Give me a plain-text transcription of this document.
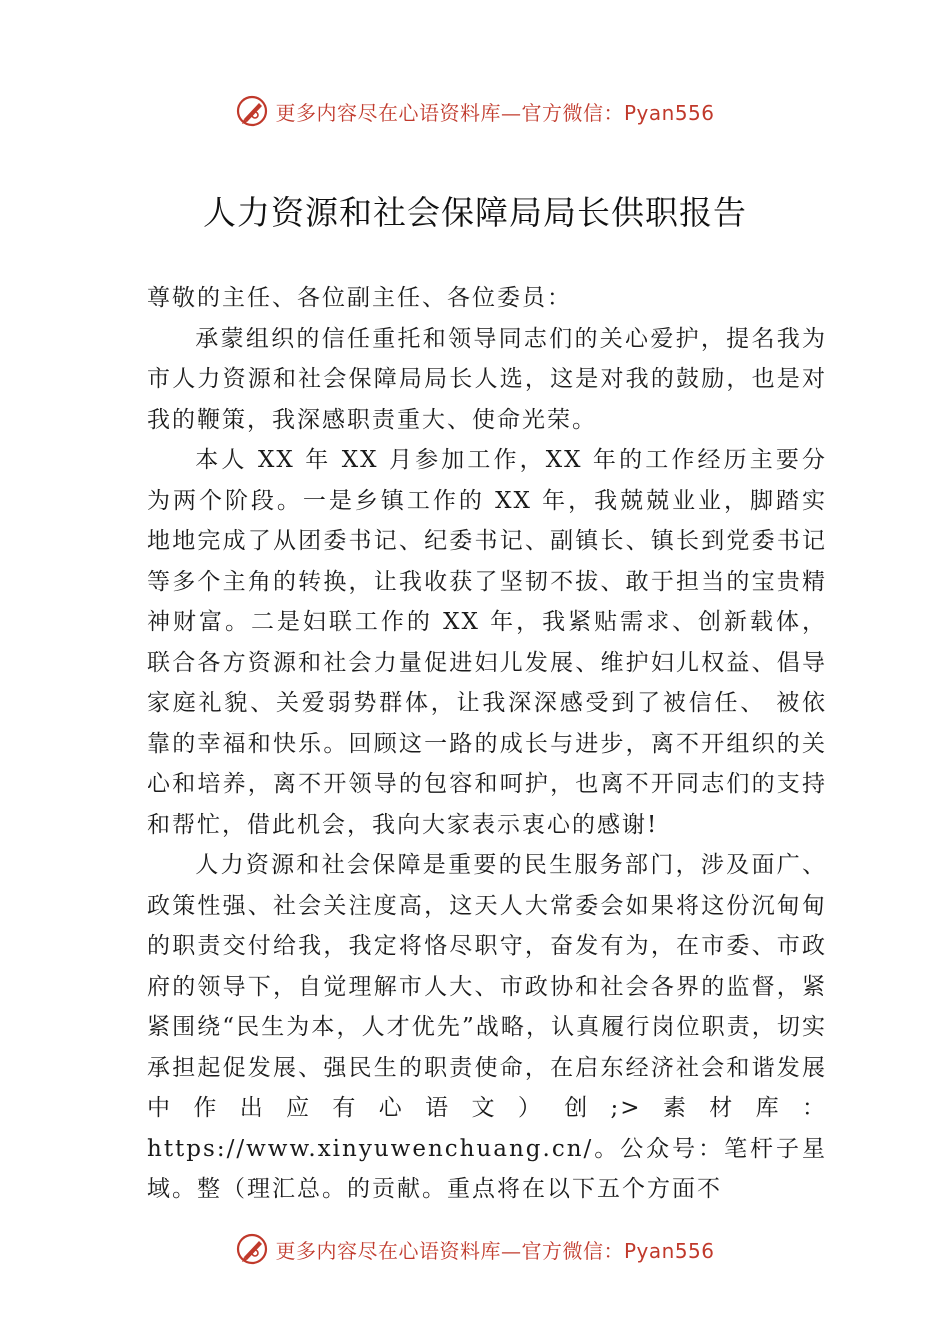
更多内容尽在心语资料库—官方微信：Pyan556
人力资源和社会保障局局长供职报告

尊敬的主任、各位副主任、各位委员：

承蒙组织的信任重托和领导同志们的关心爱护，提名我为市人力资源和社会保障局局长人选，这是对我的鼓励，也是对我的鞭策，我深感职责重大、使命光荣。

本人 XX 年 XX 月参加工作，XX 年的工作经历主要分为两个阶段。一是乡镇工作的 XX 年，我兢兢业业，脚踏实地地完成了从团委书记、纪委书记、副镇长、镇长到党委书记等多个主角的转换，让我收获了坚韧不拔、敢于担当的宝贵精神财富。二是妇联工作的 XX 年，我紧贴需求、创新载体，联合各方资源和社会力量促进妇儿发展、维护妇儿权益、倡导家庭礼貌、关爱弱势群体，让我深深感受到了被信任、 被依靠的幸福和快乐。回顾这一路的成长与进步，离不开组织的关心和培养，离不开领导的包容和呵护，也离不开同志们的支持和帮忙，借此机会，我向大家表示衷心的感谢!

人力资源和社会保障是重要的民生服务部门，涉及面广、政策性强、社会关注度高，这天人大常委会如果将这份沉甸甸的职责交付给我，我定将恪尽职守，奋发有为，在市委、市政府的领导下，自觉理解市人大、市政协和社会各界的监督，紧紧围绕“民生为本，人才优先”战略，认真履行岗位职责，切实承担起促发展、强民生的职责使命，在启东经济社会和谐发展中作出应有心语文）创;>素材库：https://www.xinyuwenchuang.cn/。公众号：笔杆子星域。整（理汇总。的贡献。重点将在以下五个方面不

更多内容尽在心语资料库—官方微信：Pyan556
